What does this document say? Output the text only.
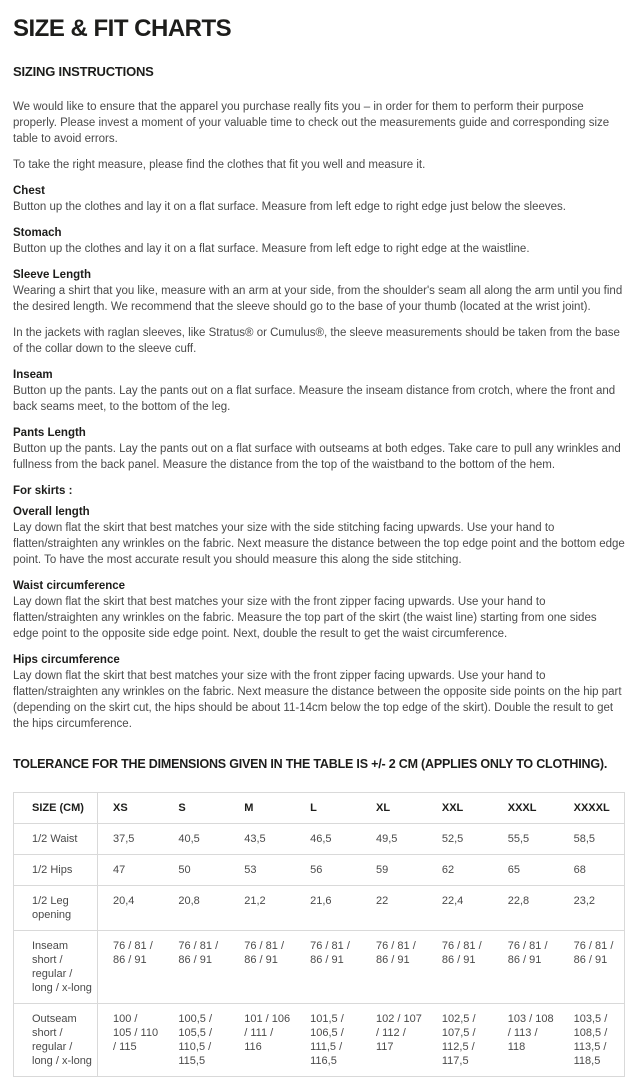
SIZE & FIT CHARTS
SIZING INSTRUCTIONS

We would like to ensure that the apparel you purchase really fits you – in order for them to perform their purpose properly. Please invest a moment of your valuable time to check out the measurements guide and corresponding size table to avoid errors.

To take the right measure, please find the clothes that fit you well and measure it.

Chest

Button up the clothes and lay it on a flat surface. Measure from left edge to right edge just below the sleeves.

Stomach

Button up the clothes and lay it on a flat surface. Measure from left edge to right edge at the waistline.

Sleeve Length

Wearing a shirt that you like, measure with an arm at your side, from the shoulder's seam all along the arm until you find the desired length. We recommend that the sleeve should go to the base of your thumb (located at the wrist joint).

In the jackets with raglan sleeves, like Stratus® or Cumulus®, the sleeve measurements should be taken from the base of the collar down to the sleeve cuff.

Inseam

Button up the pants. Lay the pants out on a flat surface. Measure the inseam distance from crotch, where the front and back seams meet, to the bottom of the leg.

Pants Length

Button up the pants. Lay the pants out on a flat surface with outseams at both edges. Take care to pull any wrinkles and fullness from the back panel. Measure the distance from the top of the waistband to the bottom of the hem.

For skirts :
Overall length

Lay down flat the skirt that best matches your size with the side stitching facing upwards. Use your hand to flatten/straighten any wrinkles on the fabric. Next measure the distance between the top edge point and the bottom edge point. To have the most accurate result you should measure this along the side stitching.

Waist circumference

Lay down flat the skirt that best matches your size with the front zipper facing upwards. Use your hand to flatten/straighten any wrinkles on the fabric. Measure the top part of the skirt (the waist line) starting from one sides edge point to the opposite side edge point. Next, double the result to get the waist circumference.

Hips circumference

Lay down flat the skirt that best matches your size with the front zipper facing upwards. Use your hand to flatten/straighten any wrinkles on the fabric. Next measure the distance between the opposite side points on the hip part (depending on the skirt cut, the hips should be about 11-14cm below the top edge of the skirt). Double the result to get the hips circumference.

TOLERANCE FOR THE DIMENSIONS GIVEN IN THE TABLE IS +/- 2 CM (APPLIES ONLY TO CLOTHING).
SIZE (CM)	XS	S	M	L	XL	XXL	XXXL	XXXXL
1/2 Waist	37,5	40,5	43,5	46,5	49,5	52,5	55,5	58,5
1/2 Hips	47	50	53	56	59	62	65	68
1/2 Leg opening	20,4	20,8	21,2	21,6	22	22,4	22,8	23,2
Inseam short / regular / long / x-long	76 / 81 / 86 / 91	76 / 81 / 86 / 91	76 / 81 / 86 / 91	76 / 81 / 86 / 91	76 / 81 / 86 / 91	76 / 81 / 86 / 91	76 / 81 / 86 / 91	76 / 81 / 86 / 91
Outseam short / regular / long / x-long	100 / 105 / 110 / 115	100,5 / 105,5 / 110,5 / 115,5	101 / 106 / 111 / 116	101,5 / 106,5 / 111,5 / 116,5	102 / 107 / 112 / 117	102,5 / 107,5 / 112,5 / 117,5	103 / 108 / 113 / 118	103,5 / 108,5 / 113,5 / 118,5
